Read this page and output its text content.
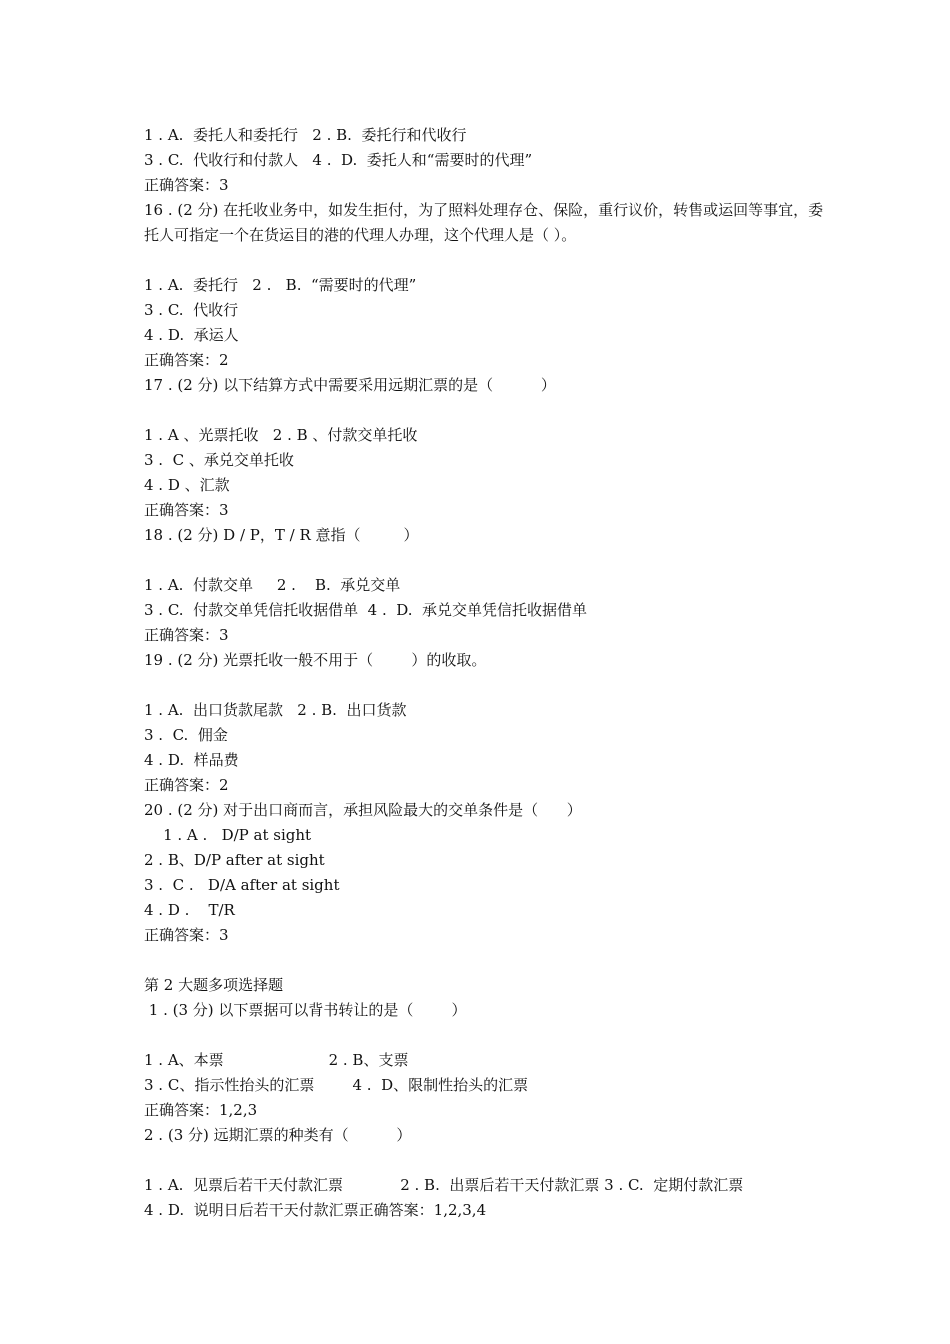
1 . A.  委托人和委托行   2 . B.  委托行和代收行
3 . C.  代收行和付款人   4 .  D.  委托人和“需要时的代理”
正确答案：3
16 . (2 分) 在托收业务中，如发生拒付，为了照料处理存仓、保险，重行议价，转售或运回等事宜，委托人可指定一个在货运目的港的代理人办理，这个代理人是（ ）。
1 . A.  委托行   2 .   B.  “需要时的代理”
3 . C.  代收行
4 . D.  承运人
正确答案：2
17 . (2 分) 以下结算方式中需要采用远期汇票的是（          ）
1 . A 、光票托收   2 . B 、付款交单托收
3 .  C 、承兑交单托收
4 . D 、汇款
正确答案：3
18 . (2 分) D / P，T / R 意指（         ）
1 . A.  付款交单     2 .    B.  承兑交单
3 . C.  付款交单凭信托收据借单  4 .  D.  承兑交单凭信托收据借单
正确答案：3
19 . (2 分) 光票托收一般不用于（        ）的收取。
1 . A.  出口货款尾款   2 . B.  出口货款
3 .  C.  佣金
4 . D.  样品费
正确答案：2
20 . (2 分) 对于出口商而言，承担风险最大的交单条件是（      ）
1 . A .   D/P at sight
2 . B、D/P after at sight
3 .  C .   D/A after at sight
4 . D .    T/R
正确答案：3
第 2 大题多项选择题
1 . (3 分) 以下票据可以背书转让的是（        ）
1 . A、本票                      2 . B、支票
3 . C、指示性抬头的汇票        4 .  D、限制性抬头的汇票
正确答案：1,2,3
2 . (3 分) 远期汇票的种类有（          ）
1 . A.  见票后若干天付款汇票            2 . B.  出票后若干天付款汇票 3 . C.  定期付款汇票
4 . D.  说明日后若干天付款汇票正确答案：1,2,3,4
